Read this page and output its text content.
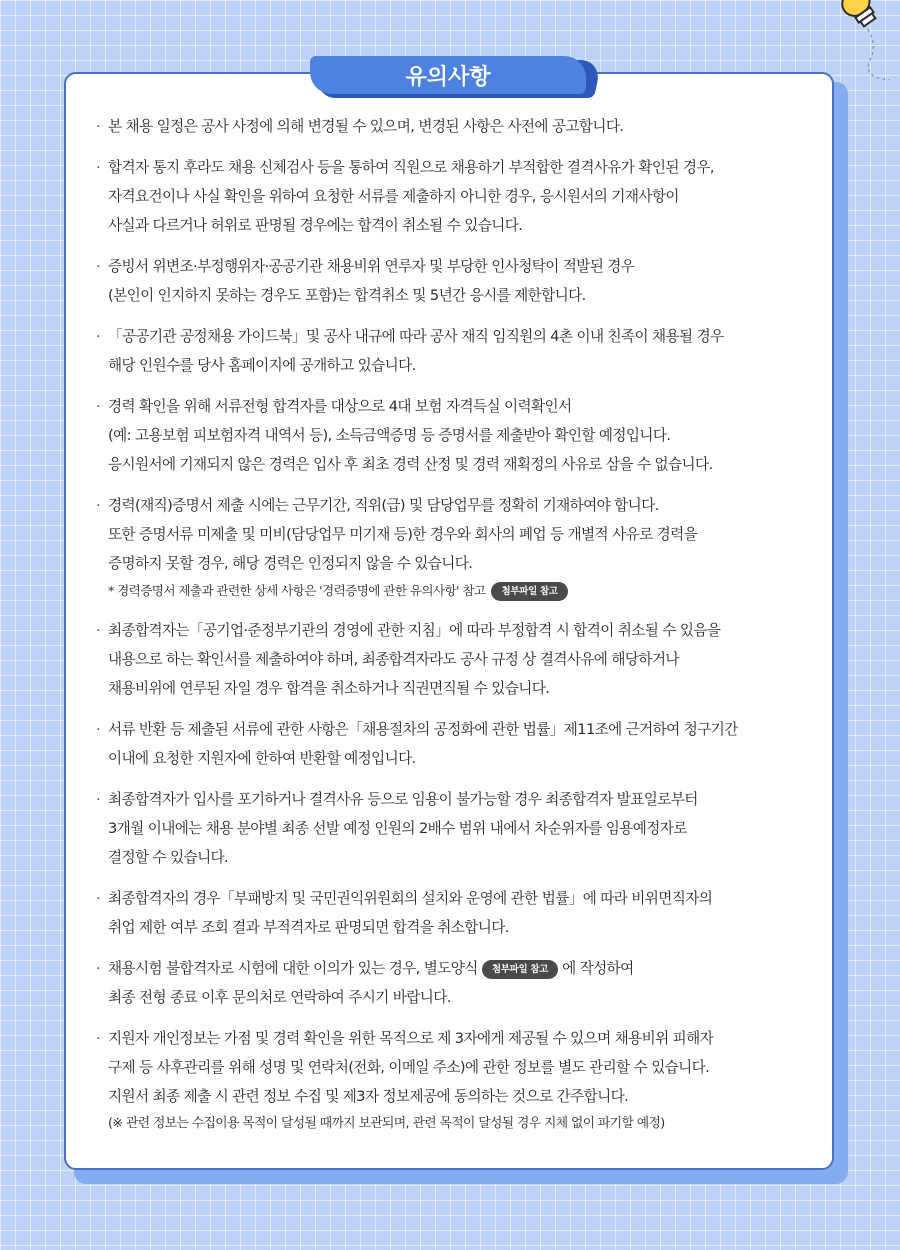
유의사항
· 본 채용 일정은 공사 사정에 의해 변경될 수 있으며, 변경된 사항은 사전에 공고합니다.
· 합격자 통지 후라도 채용 신체검사 등을 통하여 직원으로 채용하기 부적합한 결격사유가 확인된 경우,
자격요건이나 사실 확인을 위하여 요청한 서류를 제출하지 아니한 경우, 응시원서의 기재사항이
사실과 다르거나 허위로 판명될 경우에는 합격이 취소될 수 있습니다.
· 증빙서 위변조·부정행위자·공공기관 채용비위 연루자 및 부당한 인사청탁이 적발된 경우
(본인이 인지하지 못하는 경우도 포함)는 합격취소 및 5년간 응시를 제한합니다.
· 「공공기관 공정채용 가이드북」및 공사 내규에 따라 공사 재직 임직원의 4촌 이내 친족이 채용될 경우
해당 인원수를 당사 홈페이지에 공개하고 있습니다.
· 경력 확인을 위해 서류전형 합격자를 대상으로 4대 보험 자격득실 이력확인서
(예: 고용보험 피보험자격 내역서 등), 소득금액증명 등 증명서를 제출받아 확인할 예정입니다.
응시원서에 기재되지 않은 경력은 입사 후 최초 경력 산정 및 경력 재획정의 사유로 삼을 수 없습니다.
· 경력(재직)증명서 제출 시에는 근무기간, 직위(급) 및 담당업무를 정확히 기재하여야 합니다.
또한 증명서류 미제출 및 미비(담당업무 미기재 등)한 경우와 회사의 폐업 등 개별적 사유로 경력을
증명하지 못할 경우, 해당 경력은 인정되지 않을 수 있습니다.
* 경력증명서 제출과 관련한 상세 사항은 '경력증명에 관한 유의사항' 참고	첨부파일 참고
· 최종합격자는「공기업·준정부기관의 경영에 관한 지침」에 따라 부정합격 시 합격이 취소될 수 있음을
내용으로 하는 확인서를 제출하여야 하며, 최종합격자라도 공사 규정 상 결격사유에 해당하거나
채용비위에 연루된 자일 경우 합격을 취소하거나 직권면직될 수 있습니다.
· 서류 반환 등 제출된 서류에 관한 사항은「채용절차의 공정화에 관한 법률」제11조에 근거하여 청구기간
이내에 요청한 지원자에 한하여 반환할 예정입니다.
· 최종합격자가 입사를 포기하거나 결격사유 등으로 임용이 불가능할 경우 최종합격자 발표일로부터
3개월 이내에는 채용 분야별 최종 선발 예정 인원의 2배수 범위 내에서 차순위자를 임용예정자로
결정할 수 있습니다.
· 최종합격자의 경우「부패방지 및 국민권익위원회의 설치와 운영에 관한 법률」에 따라 비위면직자의
취업 제한 여부 조회 결과 부적격자로 판명되면 합격을 취소합니다.
· 채용시험 불합격자로 시험에 대한 이의가 있는 경우, 별도양식 첨부파일 참고 에 작성하여
최종 전형 종료 이후 문의처로 연락하여 주시기 바랍니다.
· 지원자 개인정보는 가점 및 경력 확인을 위한 목적으로 제 3자에게 제공될 수 있으며 채용비위 피해자
구제 등 사후관리를 위해 성명 및 연락처(전화, 이메일 주소)에 관한 정보를 별도 관리할 수 있습니다.
지원서 최종 제출 시 관련 정보 수집 및 제3자 정보제공에 동의하는 것으로 간주합니다.
(※ 관련 정보는 수집이용 목적이 달성될 때까지 보관되며, 관련 목적이 달성될 경우 지체 없이 파기할 예정)
